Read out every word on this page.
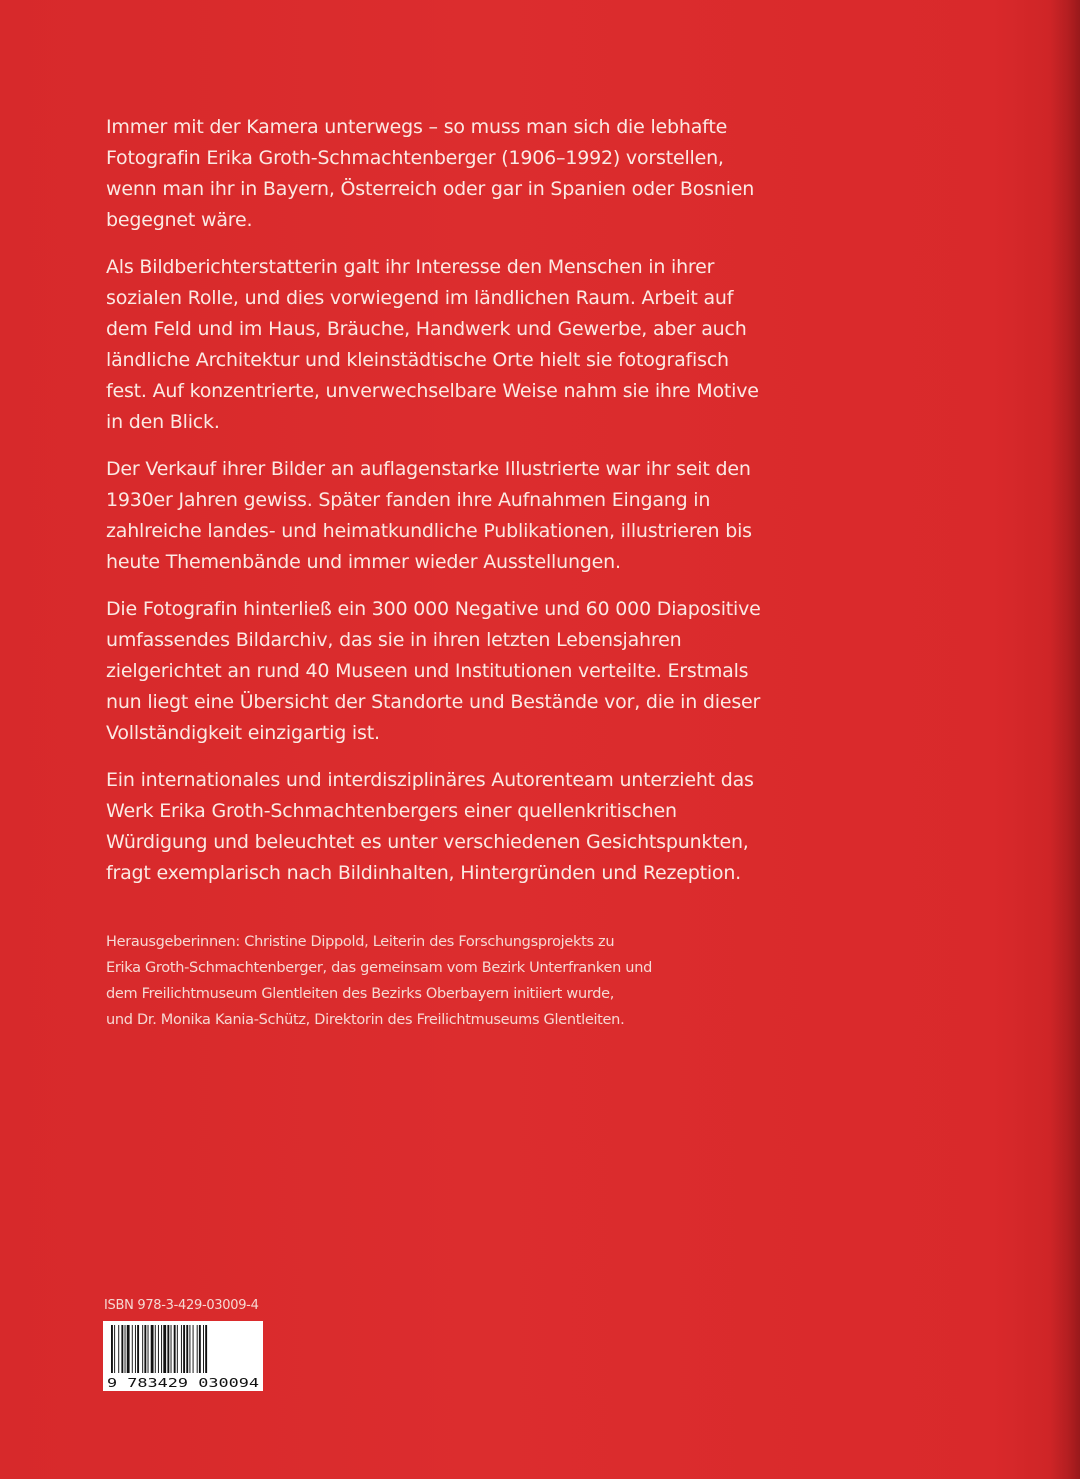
Immer mit der Kamera unterwegs – so muss man sich die lebhafte Fotografin Erika Groth-Schmachtenberger (1906–1992) vorstellen, wenn man ihr in Bayern, Österreich oder gar in Spanien oder Bosnien begegnet wäre.

Als Bildberichterstatterin galt ihr Interesse den Menschen in ihrer sozialen Rolle, und dies vorwiegend im ländlichen Raum. Arbeit auf dem Feld und im Haus, Bräuche, Handwerk und Gewerbe, aber auch ländliche Architektur und kleinstädtische Orte hielt sie fotografisch fest. Auf konzentrierte, unverwechselbare Weise nahm sie ihre Motive in den Blick.

Der Verkauf ihrer Bilder an auflagenstarke Illustrierte war ihr seit den 1930er Jahren gewiss. Später fanden ihre Aufnahmen Eingang in zahlreiche landes- und heimatkundliche Publikationen, illustrieren bis heute Themenbände und immer wieder Ausstellungen.

Die Fotografin hinterließ ein 300 000 Negative und 60 000 Diapositive umfassendes Bildarchiv, das sie in ihren letzten Lebensjahren zielgerichtet an rund 40 Museen und Institutionen verteilte. Erstmals nun liegt eine Übersicht der Standorte und Bestände vor, die in dieser Vollständigkeit einzigartig ist.

Ein internationales und interdisziplinäres Autorenteam unterzieht das Werk Erika Groth-Schmachtenbergers einer quellenkritischen Würdigung und beleuchtet es unter verschiedenen Gesichtspunkten, fragt exemplarisch nach Bildinhalten, Hintergründen und Rezeption.

Herausgeberinnen: Christine Dippold, Leiterin des Forschungsprojekts zu
Erika Groth-Schmachtenberger, das gemeinsam vom Bezirk Unterfranken und
dem Freilichtmuseum Glentleiten des Bezirks Oberbayern initiiert wurde,
und Dr. Monika Kania-Schütz, Direktorin des Freilichtmuseums Glentleiten.
ISBN 978-3-429-03009-4
9 783429 030094
